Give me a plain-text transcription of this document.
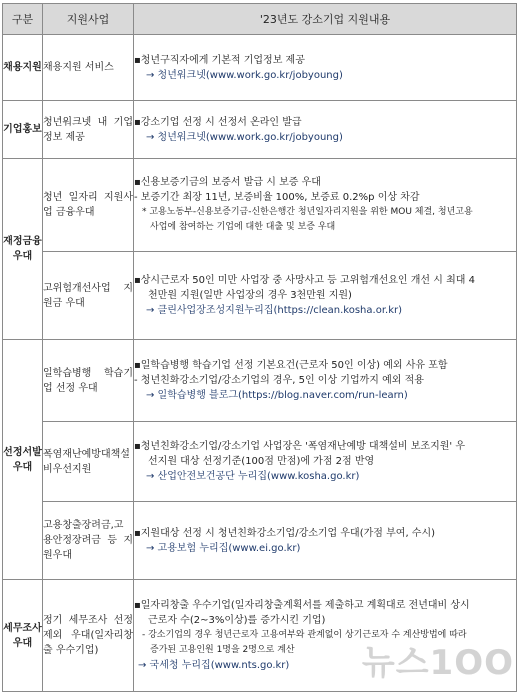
구분	지원사업	'23년도 강소기업 지원내용
채용지원	채용지원 서비스	▪청년구직자에게 기본적 기업정보 제공
→ 청년워크넷(www.work.go.kr/jobyoung)

기업홍보	청년워크넷 내 기업 정보 제공	▪강소기업 선정 시 선정서 온라인 발급
→ 청년워크넷(www.work.go.kr/jobyoung)

재정금융우대	청년 일자리 지원사업 금융우대	▪신용보증기금의 보증서 발급 시 보증 우대
- 보증기간 최장 11년, 보증비율 100%, 보증료 0.2%p 이상 차감
* 고용노동부-신용보증기금-신한은행간 청년일자리지원을 위한 MOU 체결, 청년고용
사업에 참여하는 기업에 대한 대출 및 보증 우대

	고위험개선사업 지원금 우대	▪상시근로자 50인 미만 사업장 중 사망사고 등 고위험개선요인 개선 시 최대 4
천만원 지원(일반 사업장의 경우 3천만원 지원)
→ 클린사업장조성지원누리집(https://clean.kosha.or.kr)

선정서발우대	일학습병행 학습기업 선정 우대	▪일학습병행 학습기업 선정 기본요건(근로자 50인 이상) 예외 사유 포함
- 청년친화강소기업/강소기업의 경우, 5인 이상 기업까지 예외 적용
→ 일학습병행 블로그(https://blog.naver.com/run-learn)

	폭염재난예방대책설비우선지원	▪청년친화강소기업/강소기업 사업장은 '폭염재난예방 대책설비 보조지원' 우
선지원 대상 선정기준(100점 만점)에 가점 2점 반영
→ 산업안전보건공단 누리집(www.kosha.go.kr)

	고용창출장려금,고용안정장려금 등 지원우대	▪지원대상 선정 시 청년친화강소기업/강소기업 우대(가점 부여, 수시)
→ 고용보험 누리집(www.ei.go.kr)

세무조사 우대	정기 세무조사 선정 제외 우대(일자리창출 우수기업)	▪일자리창출 우수기업(일자리창출계획서를 제출하고 계획대로 전년대비 상시
근로자 수(2~3%이상)를 증가시킨 기업)
- 강소기업의 경우 청년근로자 고용여부와 관계없이 상기근로자 수 계산방법에 따라
증가된 고용인원 1명을 2명으로 계산
→ 국세청 누리집(www.nts.go.kr)	뉴스1OO
